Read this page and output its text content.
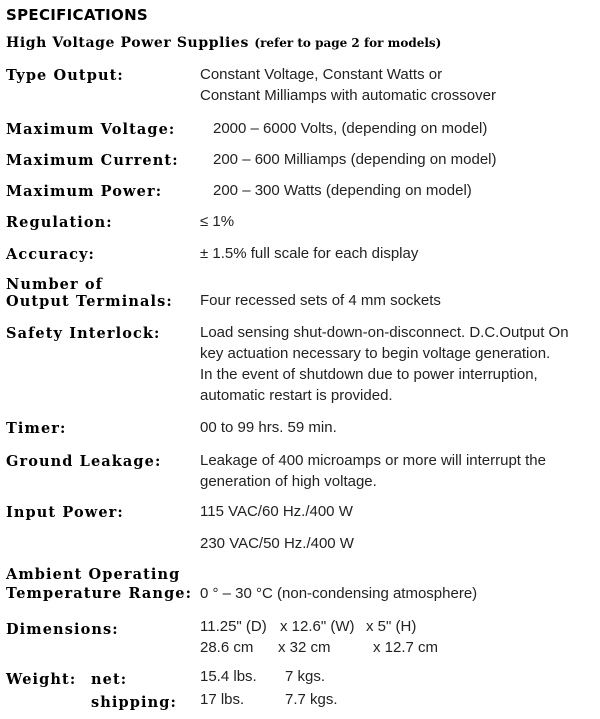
SPECIFICATIONS
High Voltage Power Supplies (refer to page 2 for models)
Type Output:	Constant Voltage, Constant Watts or
Constant Milliamps with automatic crossover
Maximum Voltage:	2000 – 6000 Volts, (depending on model)
Maximum Current: 200 – 600 Milliamps (depending on model)
Maximum Power:	200 – 300 Watts (depending on model)
Regulation:	≤ 1%
Accuracy:	± 1.5% full scale for each display
Number of
Output Terminals: Four recessed sets of 4 mm sockets
Safety Interlock:	Load sensing shut-down-on-disconnect. D.C.Output On
key actuation necessary to begin voltage generation.
In the event of shutdown due to power interruption,
automatic restart is provided.
Timer:	00 to 99 hrs. 59 min.
Ground Leakage:	Leakage of 400 microamps or more will interrupt the
generation of high voltage.
Input Power:	115 VAC/60 Hz./400 W
230 VAC/50 Hz./400 W
Ambient Operating
Temperature Range: 0 ° – 30 °C (non-condensing atmosphere)
Dimensions:	11.25" (D) x 12.6" (W) x 5" (H)
28.6 cm x 32 cm	x 12.7 cm
Weight: net:	15.4 lbs. 7 kgs.
shipping: 17 lbs.	7.7 kgs.
